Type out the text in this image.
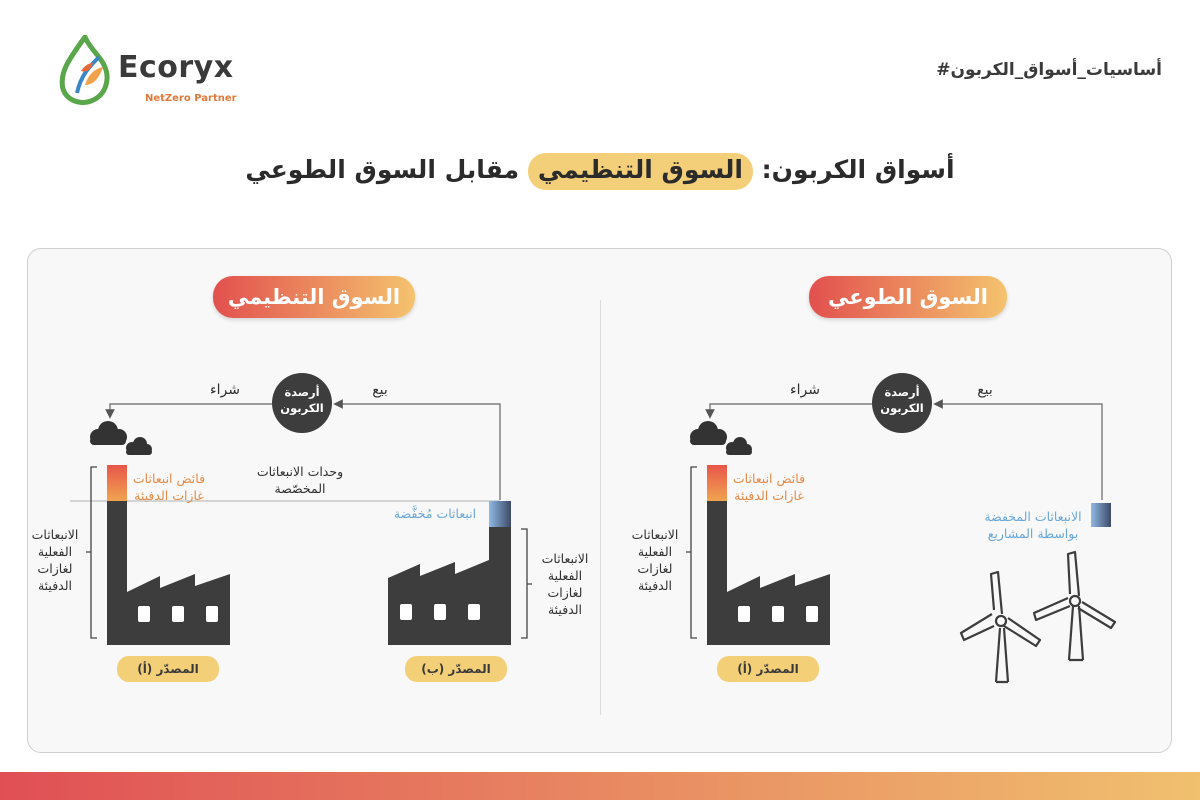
Ecoryx
NetZero Partner
#أساسيات_أسواق_الكربون
أسواق الكربون: السوق التنظيمي مقابل السوق الطوعي
السوق التنظيمي	السوق الطوعي
أرصدة الكربون
شراء	بيع
وحدات الانبعاثات المخصّصة
فائض انبعاثات غازات الدفيئة
انبعاثات مُخفَّضة
الانبعاثات الفعلية لغازات الدفيئة
الانبعاثات الفعلية لغازات الدفيئة
المصدّر (أ)	المصدّر (ب)
أرصدة الكربون
شراء	بيع
فائض انبعاثات غازات الدفيئة
الانبعاثات المخفضة بواسطة المشاريع
الانبعاثات الفعلية لغازات الدفيئة
المصدّر (أ)
